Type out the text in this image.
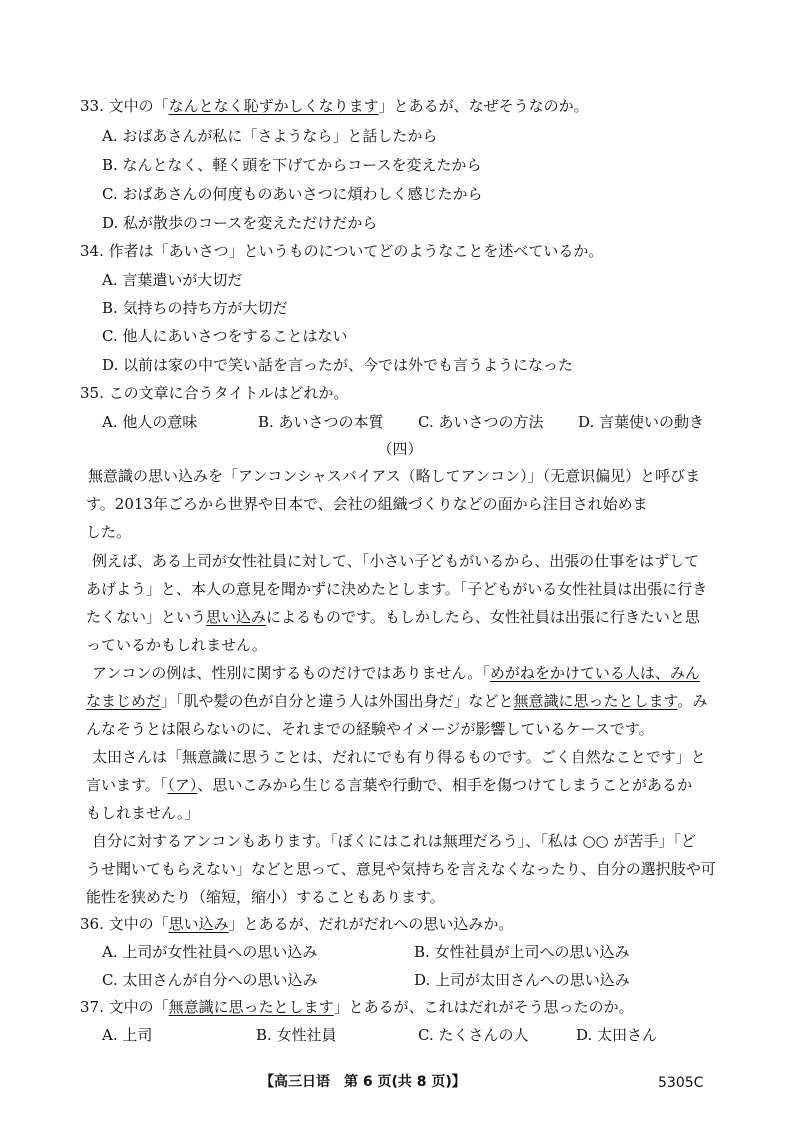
33. 文中の「なんとなく恥ずかしくなります」とあるが、なぜそうなのか。
A. おばあさんが私に「さようなら」と話したから
B. なんとなく、軽く頭を下げてからコースを変えたから
C. おばあさんの何度ものあいさつに煩わしく感じたから
D. 私が散歩のコースを変えただけだから
34. 作者は「あいさつ」というものについてどのようなことを述べているか。
A. 言葉遣いが大切だ
B. 気持ちの持ち方が大切だ
C. 他人にあいさつをすることはない
D. 以前は家の中で笑い話を言ったが、今では外でも言うようになった
35. この文章に合うタイトルはどれか。
A. 他人の意味	B. あいさつの本質 C. あいさつの方法 D. 言葉使いの動き
（四）
無意識の思い込みを「アンコンシャスバイアス（略してアンコン）」（无意识偏见）と呼びま
す。2013年ごろから世界や日本で、会社の組織づくりなどの面から注目され始めま
した。
例えば、ある上司が女性社員に対して、「小さい子どもがいるから、出張の仕事をはずして
あげよう」と、本人の意見を聞かずに決めたとします。「子どもがいる女性社員は出張に行き
たくない」という思い込みによるものです。もしかしたら、女性社員は出張に行きたいと思
っているかもしれません。
アンコンの例は、性別に関するものだけではありません。「めがねをかけている人は、みん
なまじめだ」「肌や髪の色が自分と違う人は外国出身だ」などと無意識に思ったとします。み
んなそうとは限らないのに、それまでの経験やイメージが影響しているケースです。
太田さんは「無意識に思うことは、だれにでも有り得るものです。ごく自然なことです」と
言います。「（ア）、思いこみから生じる言葉や行動で、相手を傷つけてしまうことがあるか
もしれません。」
自分に対するアンコンもあります。「ぼくにはこれは無理だろう」、「私は ○○ が苦手」「ど
うせ聞いてもらえない」などと思って、意見や気持ちを言えなくなったり、自分の選択肢や可
能性を狭めたり（缩短，缩小）することもあります。
36. 文中の「思い込み」とあるが、だれがだれへの思い込みか。
A. 上司が女性社員への思い込み	B. 女性社員が上司への思い込み
C. 太田さんが自分への思い込み	D. 上司が太田さんへの思い込み
37. 文中の「無意識に思ったとします」とあるが、これはだれがそう思ったのか。
A. 上司	B. 女性社員	C. たくさんの人	D. 太田さん
【高三日语　第 6 页(共 8 页)】	5305C
